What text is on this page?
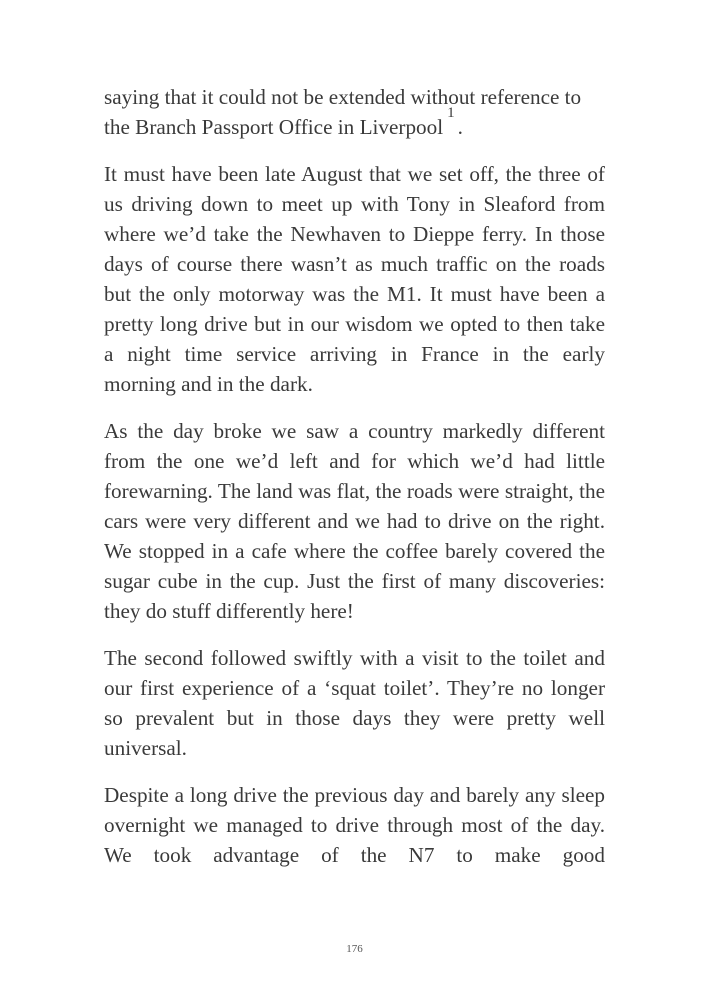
saying that it could not be extended without reference to the Branch Passport Office in Liverpool$^1$.

It must have been late August that we set off, the three of us driving down to meet up with Tony in Sleaford from where we’d take the Newhaven to Dieppe ferry. In those days of course there wasn’t as much traffic on the roads but the only motorway was the M1. It must have been a pretty long drive but in our wisdom we opted to then take a night time service arriving in France in the early morning and in the dark.

As the day broke we saw a country markedly different from the one we’d left and for which we’d had little forewarning. The land was flat, the roads were straight, the cars were very different and we had to drive on the right. We stopped in a cafe where the coffee barely covered the sugar cube in the cup. Just the first of many discoveries: they do stuff differently here!

The second followed swiftly with a visit to the toilet and our first experience of a ‘squat toilet’. They’re no longer so prevalent but in those days they were pretty well universal.

Despite a long drive the previous day and barely any sleep overnight we managed to drive through most of the day. We took advantage of the N7 to make good

176
